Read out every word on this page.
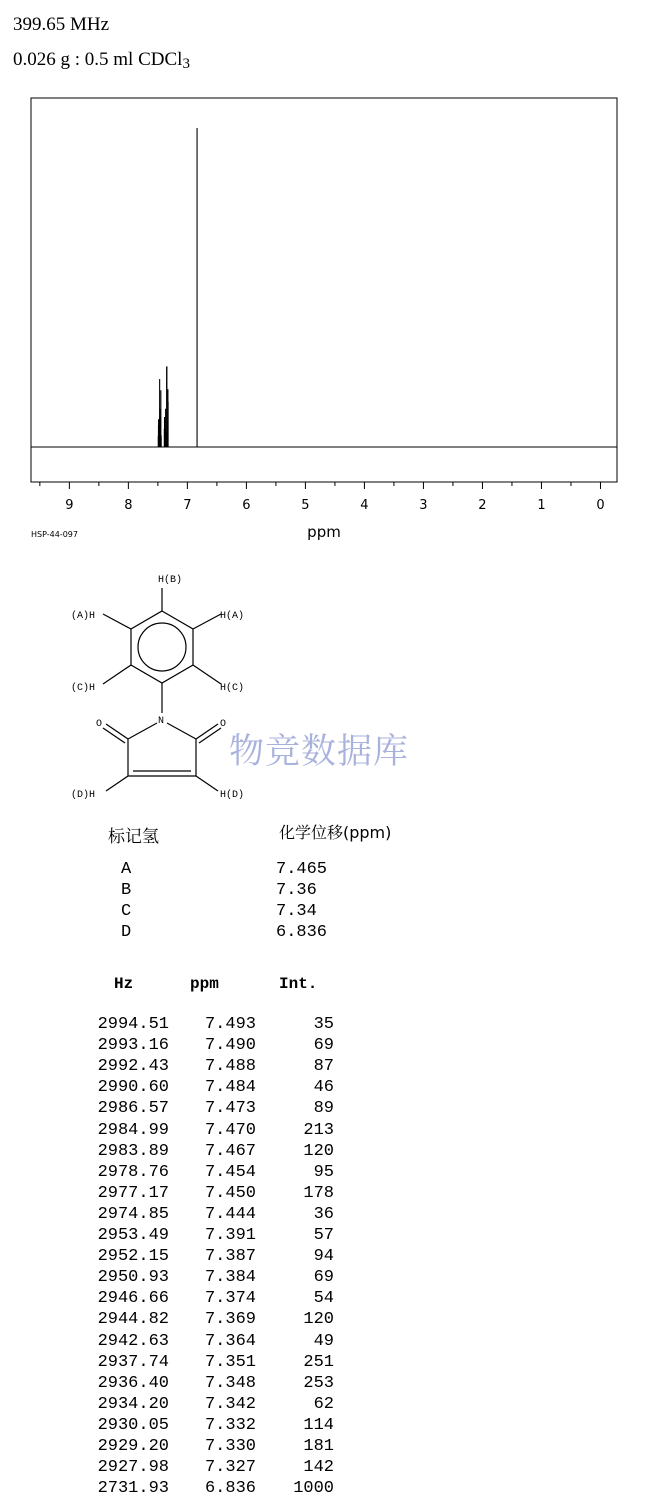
399.65 MHz
0.026 g : 0.5 ml CDCl$_3$
9	8	7	6	5	4	3	2	1	0
ppm
HSP-44-097
H(B)
(A)H	H(A)
(C)H	H(C)
N
O	O
(D)H	H(D)
物竞数据库
标记氢	化学位移(ppm)
A	7.465
B	7.36
C	7.34
D	6.836
Hz	ppm	Int.
2994.51	7.493	35
2993.16	7.490	69
2992.43	7.488	87
2990.60	7.484	46
2986.57	7.473	89
2984.99	7.470	213
2983.89	7.467	120
2978.76	7.454	95
2977.17	7.450	178
2974.85	7.444	36
2953.49	7.391	57
2952.15	7.387	94
2950.93	7.384	69
2946.66	7.374	54
2944.82	7.369	120
2942.63	7.364	49
2937.74	7.351	251
2936.40	7.348	253
2934.20	7.342	62
2930.05	7.332	114
2929.20	7.330	181
2927.98	7.327	142
2731.93	6.836	1000
